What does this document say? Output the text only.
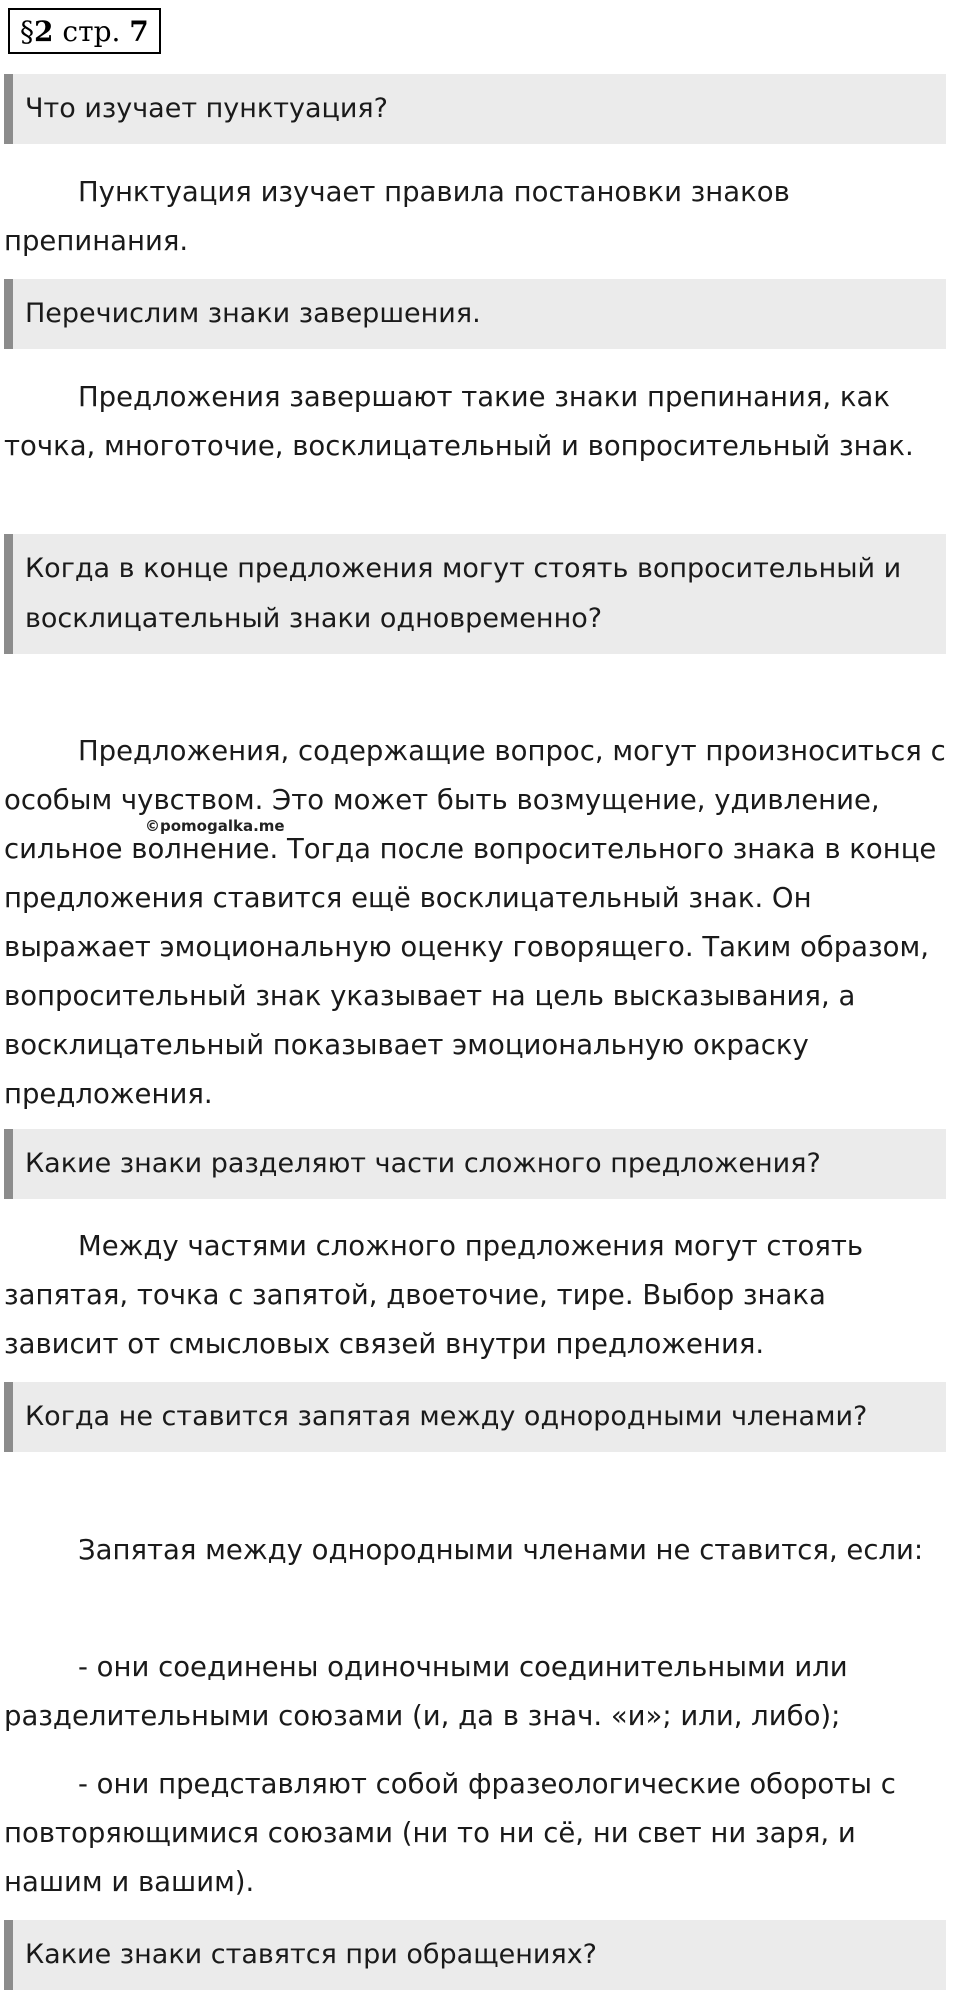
§ 2
стр.
7
Что изучает пунктуация?

Пунктуация изучает правила постановки знаков препинания.

Перечислим знаки завершения.

Предложения завершают такие знаки препинания, как точка, многоточие, восклицательный и вопросительный знак.

Когда в конце предложения могут стоять вопросительный и восклицательный знаки одновременно?

Предложения, содержащие вопрос, могут произноситься с особым чувством. Это может быть возмущение, удивление, сильное волнение. Тогда после вопросительного знака в конце предложения ставится ещё восклицательный знак. Он выражает эмоциональную оценку говорящего. Таким образом, вопросительный знак указывает на цель высказывания, а восклицательный показывает эмоциональную окраску предложения.

©pomogalka.me
Какие знаки разделяют части сложного предложения?

Между частями сложного предложения могут стоять запятая, точка с запятой, двоеточие, тире. Выбор знака зависит от смысловых связей внутри предложения.

Когда не ставится запятая между однородными членами?

Запятая между однородными членами не ставится, если:

- они соединены одиночными соединительными или разделительными союзами (и, да в знач. «и»; или, либо);

- они представляют собой фразеологические обороты с повторяющимися союзами (ни то ни сё, ни свет ни заря, и нашим и вашим).

Какие знаки ставятся при обращениях?
